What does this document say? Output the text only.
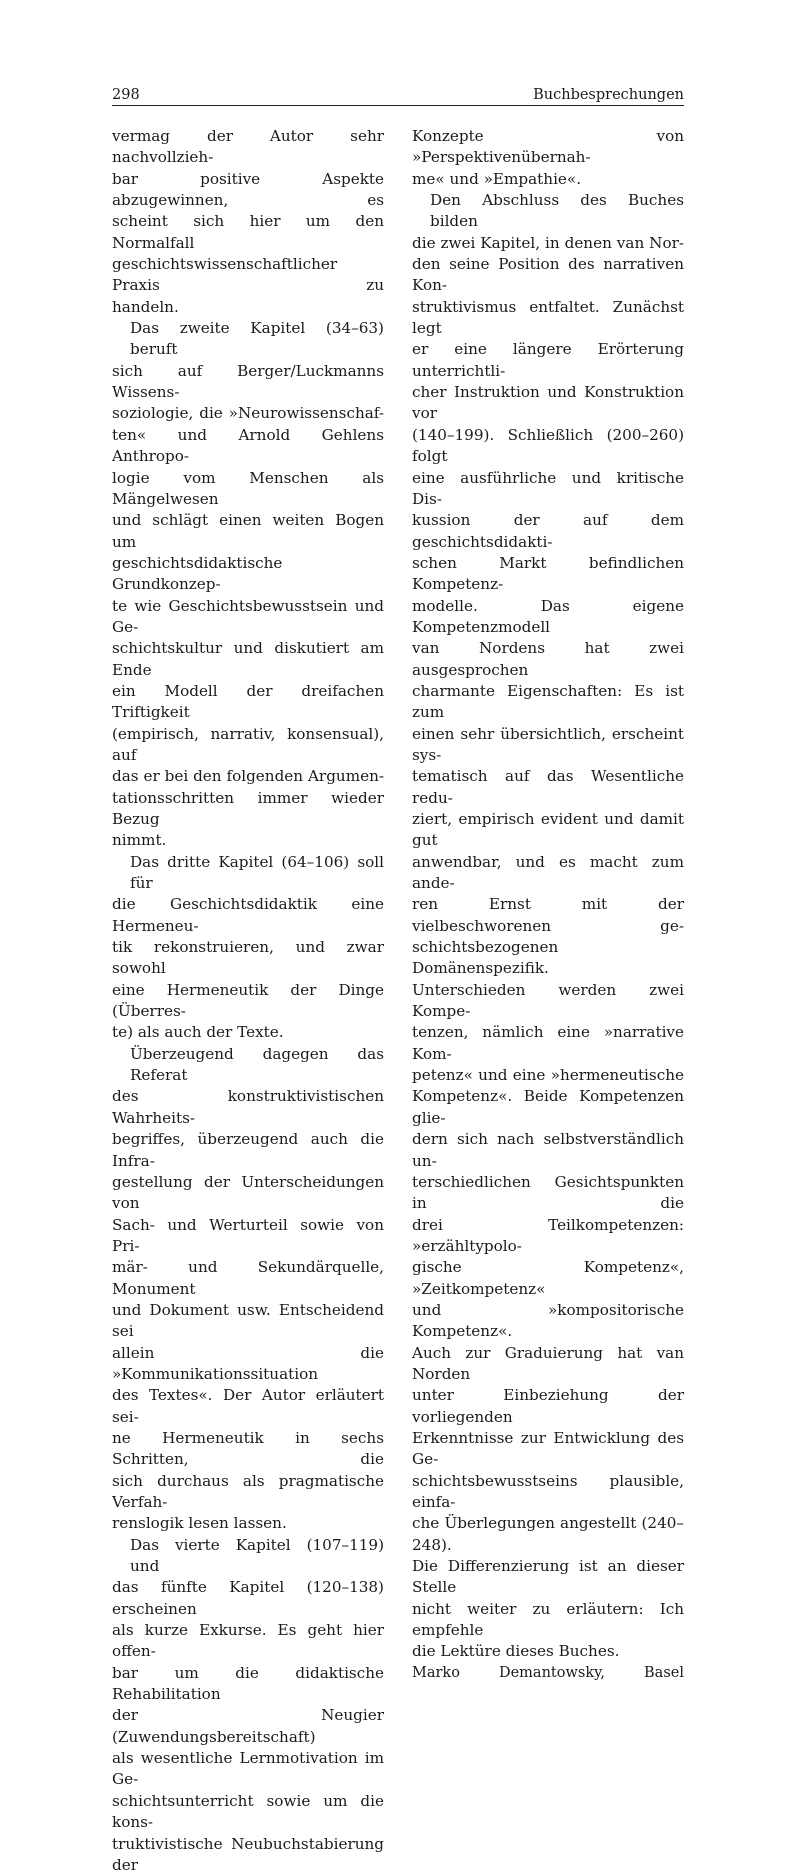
298	Buchbesprechungen

vermag der Autor sehr nachvollzieh-
bar positive Aspekte abzugewinnen, es
scheint sich hier um den Normalfall
geschichtswissenschaftlicher Praxis zu
handeln.

Das zweite Kapitel (34–63) beruft
sich auf Berger/Luckmanns Wissens-
soziologie, die »Neurowissenschaf-
ten« und Arnold Gehlens Anthropo-
logie vom Menschen als Mängelwesen
und schlägt einen weiten Bogen um
geschichtsdidaktische Grundkonzep-
te wie Geschichtsbewusstsein und Ge-
schichtskultur und diskutiert am Ende
ein Modell der dreifachen Triftigkeit
(empirisch, narrativ, konsensual), auf
das er bei den folgenden Argumen-
tationsschritten immer wieder Bezug
nimmt.

Das dritte Kapitel (64–106) soll für
die Geschichtsdidaktik eine Hermeneu-
tik rekonstruieren, und zwar sowohl
eine Hermeneutik der Dinge (Überres-
te) als auch der Texte.

Überzeugend dagegen das Referat
des konstruktivistischen Wahrheits-
begriffes, überzeugend auch die Infra-
gestellung der Unterscheidungen von
Sach- und Werturteil sowie von Pri-
mär- und Sekundärquelle, Monument
und Dokument usw. Entscheidend sei
allein die »Kommunikationssituation
des Textes«. Der Autor erläutert sei-
ne Hermeneutik in sechs Schritten, die
sich durchaus als pragmatische Verfah-
renslogik lesen lassen.

Das vierte Kapitel (107–119) und
das fünfte Kapitel (120–138) erscheinen
als kurze Exkurse. Es geht hier offen-
bar um die didaktische Rehabilitation
der Neugier (Zuwendungsbereitschaft)
als wesentliche Lernmotivation im Ge-
schichtsunterricht sowie um die kons-
truktivistische Neubuchstabierung der

Konzepte von »Perspektivenübernah-
me« und »Empathie«.

Den Abschluss des Buches bilden
die zwei Kapitel, in denen van Nor-
den seine Position des narrativen Kon-
struktivismus entfaltet. Zunächst legt
er eine längere Erörterung unterrichtli-
cher Instruktion und Konstruktion vor
(140–199). Schließlich (200–260) folgt
eine ausführliche und kritische Dis-
kussion der auf dem geschichtsdidakti-
schen Markt befindlichen Kompetenz-
modelle. Das eigene Kompetenzmodell
van Nordens hat zwei ausgesprochen
charmante Eigenschaften: Es ist zum
einen sehr übersichtlich, erscheint sys-
tematisch auf das Wesentliche redu-
ziert, empirisch evident und damit gut
anwendbar, und es macht zum ande-
ren Ernst mit der vielbeschworenen ge-
schichtsbezogenen Domänenspezifik.
Unterschieden werden zwei Kompe-
tenzen, nämlich eine »narrative Kom-
petenz« und eine »hermeneutische
Kompetenz«. Beide Kompetenzen glie-
dern sich nach selbstverständlich un-
terschiedlichen Gesichtspunkten in die
drei Teilkompetenzen: »erzähltypolo-
gische Kompetenz«, »Zeitkompetenz«
und »kompositorische Kompetenz«.
Auch zur Graduierung hat van Norden
unter Einbeziehung der vorliegenden
Erkenntnisse zur Entwicklung des Ge-
schichtsbewusstseins plausible, einfa-
che Überlegungen angestellt (240–248).
Die Differenzierung ist an dieser Stelle
nicht weiter zu erläutern: Ich empfehle
die Lektüre dieses Buches.

Marko Demantowsky, Basel
